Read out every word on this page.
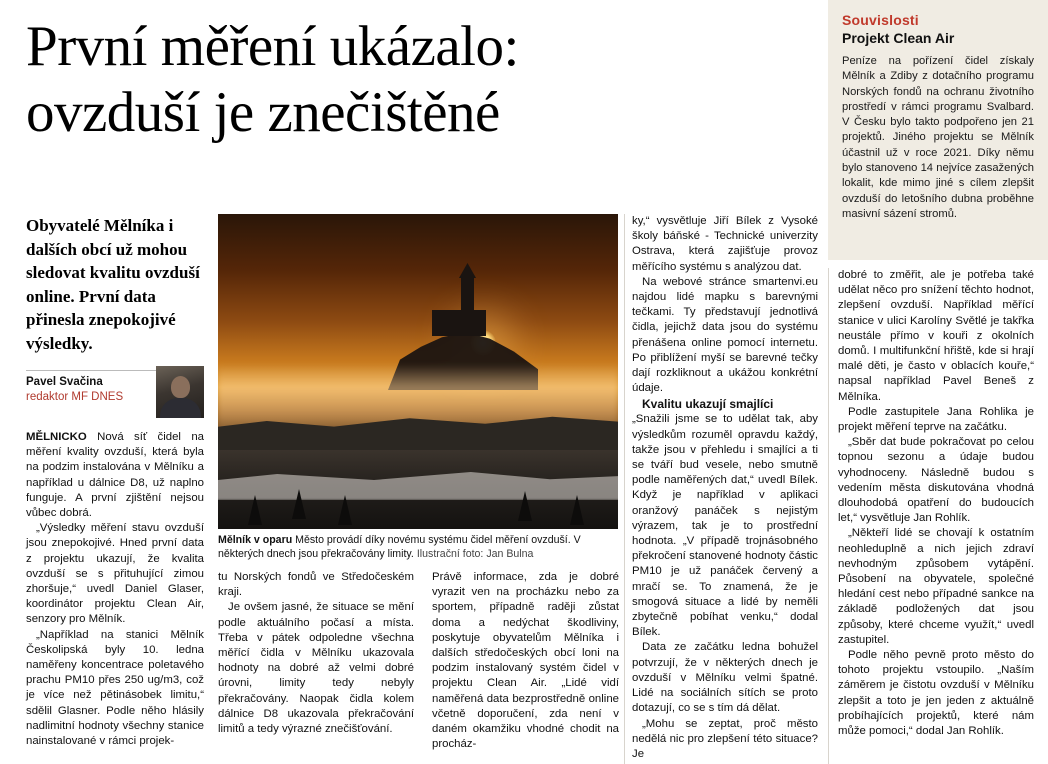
Souvislosti
Projekt Clean Air

Peníze na pořízení čidel získaly Mělník a Zdiby z dotačního programu Norských fondů na ochranu životního prostředí v rámci programu Svalbard. V Česku bylo takto podpořeno jen 21 projektů. Jiného projektu se Mělník účastnil už v roce 2021. Díky němu bylo stanoveno 14 nejvíce zasažených lokalit, kde mimo jiné s cílem zlepšit ovzduší do letošního dubna proběhne masivní sázení stromů.

První měření ukázalo:
ovzduší je znečištěné

Obyvatelé Mělníka i dalších obcí už mohou sledovat kvalitu ovzduší online. První data přinesla znepokojivé výsledky.

Pavel Svačina
redaktor MF DNES
Mělník v oparu Město provádí díky novému systému čidel měření ovzduší. V některých dnech jsou překračovány limity. Ilustrační foto: Jan Bulna

MĚLNICKO Nová síť čidel na měření kvality ovzduší, která byla na podzim instalována v Mělníku a například u dálnice D8, už naplno funguje. A první zjištění nejsou vůbec dobrá.

„Výsledky měření stavu ovzduší jsou znepokojivé. Hned první data z projektu ukazují, že kvalita ovzduší se s přituhující zimou zhoršuje,“ uvedl Daniel Glaser, koordinátor projektu Clean Air, senzory pro Mělník.

„Například na stanici Mělník Českolipská byly 10. ledna naměřeny koncentrace poletavého prachu PM10 přes 250 ug/m3, což je více než pětinásobek limitu,“ sdělil Glasner. Podle něho hlásily nadlimitní hodnoty všechny stanice nainstalované v rámci projek-

tu Norských fondů ve Středočeském kraji.

Je ovšem jasné, že situace se mění podle aktuálního počasí a místa. Třeba v pátek odpoledne všechna měřící čidla v Mělníku ukazovala hodnoty na dobré až velmi dobré úrovni, limity tedy nebyly překračovány. Naopak čidla kolem dálnice D8 ukazovala překračování limitů a tedy výrazné znečišťování.

Právě informace, zda je dobré vyrazit ven na procházku nebo za sportem, případně raději zůstat doma a nedýchat škodliviny, poskytuje obyvatelům Mělníka i dalších středočeských obcí loni na podzim instalovaný systém čidel v projektu Clean Air. „Lidé vidí naměřená data bezprostředně online včetně doporučení, zda není v daném okamžiku vhodné chodit na procház-

ky,“ vysvětluje Jiří Bílek z Vysoké školy báňské - Technické univerzity Ostrava, která zajišťuje provoz měřícího systému s analýzou dat.

Na webové stránce smartenvi.eu najdou lidé mapku s barevnými tečkami. Ty představují jednotlivá čidla, jejichž data jsou do systému přenášena online pomocí internetu. Po přiblížení myší se barevné tečky dají rozkliknout a ukážou konkrétní údaje.

Kvalitu ukazují smajlíci

„Snažili jsme se to udělat tak, aby výsledkům rozuměl opravdu každý, takže jsou v přehledu i smajlíci a ti se tváří bud vesele, nebo smutně podle naměřených dat,“ uvedl Bílek. Když je například v aplikaci oranžový panáček s nejistým výrazem, tak je to prostřední hodnota. „V případě trojnásobného překročení stanovené hodnoty částic PM10 je už panáček červený a mračí se. To znamená, že je smogová situace a lidé by neměli zbytečně pobíhat venku,“ dodal Bílek.

Data ze začátku ledna bohužel potvrzují, že v některých dnech je ovzduší v Mělníku velmi špatné. Lidé na sociálních sítích se proto dotazují, co se s tím dá dělat.

„Mohu se zeptat, proč město nedělá nic pro zlepšení této situace? Je

dobré to změřit, ale je potřeba také udělat něco pro snížení těchto hodnot, zlepšení ovzduší. Například měřící stanice v ulici Karolíny Světlé je takřka neustále přímo v kouři z okolních domů. I multifunkční hřiště, kde si hrají malé děti, je často v oblacích kouře,“ napsal například Pavel Beneš z Mělníka.

Podle zastupitele Jana Rohlika je projekt měření teprve na začátku.

„Sběr dat bude pokračovat po celou topnou sezonu a údaje budou vyhodnoceny. Následně budou s vedením města diskutována vhodná dlouhodobá opatření do budoucích let,“ vysvětluje Jan Rohlík.

„Někteří lidé se chovají k ostatním neohleduplně a nich jejich zdraví nevhodným způsobem vytápění. Působení na obyvatele, společné hledání cest nebo případné sankce na základě podložených dat jsou způsoby, které chceme využít,“ uvedl zastupitel.

Podle něho pevně proto město do tohoto projektu vstoupilo. „Naším záměrem je čistotu ovzduší v Mělníku zlepšit a toto je jen jeden z aktuálně probíhajících projektů, které nám může pomoci,“ dodal Jan Rohlík.
